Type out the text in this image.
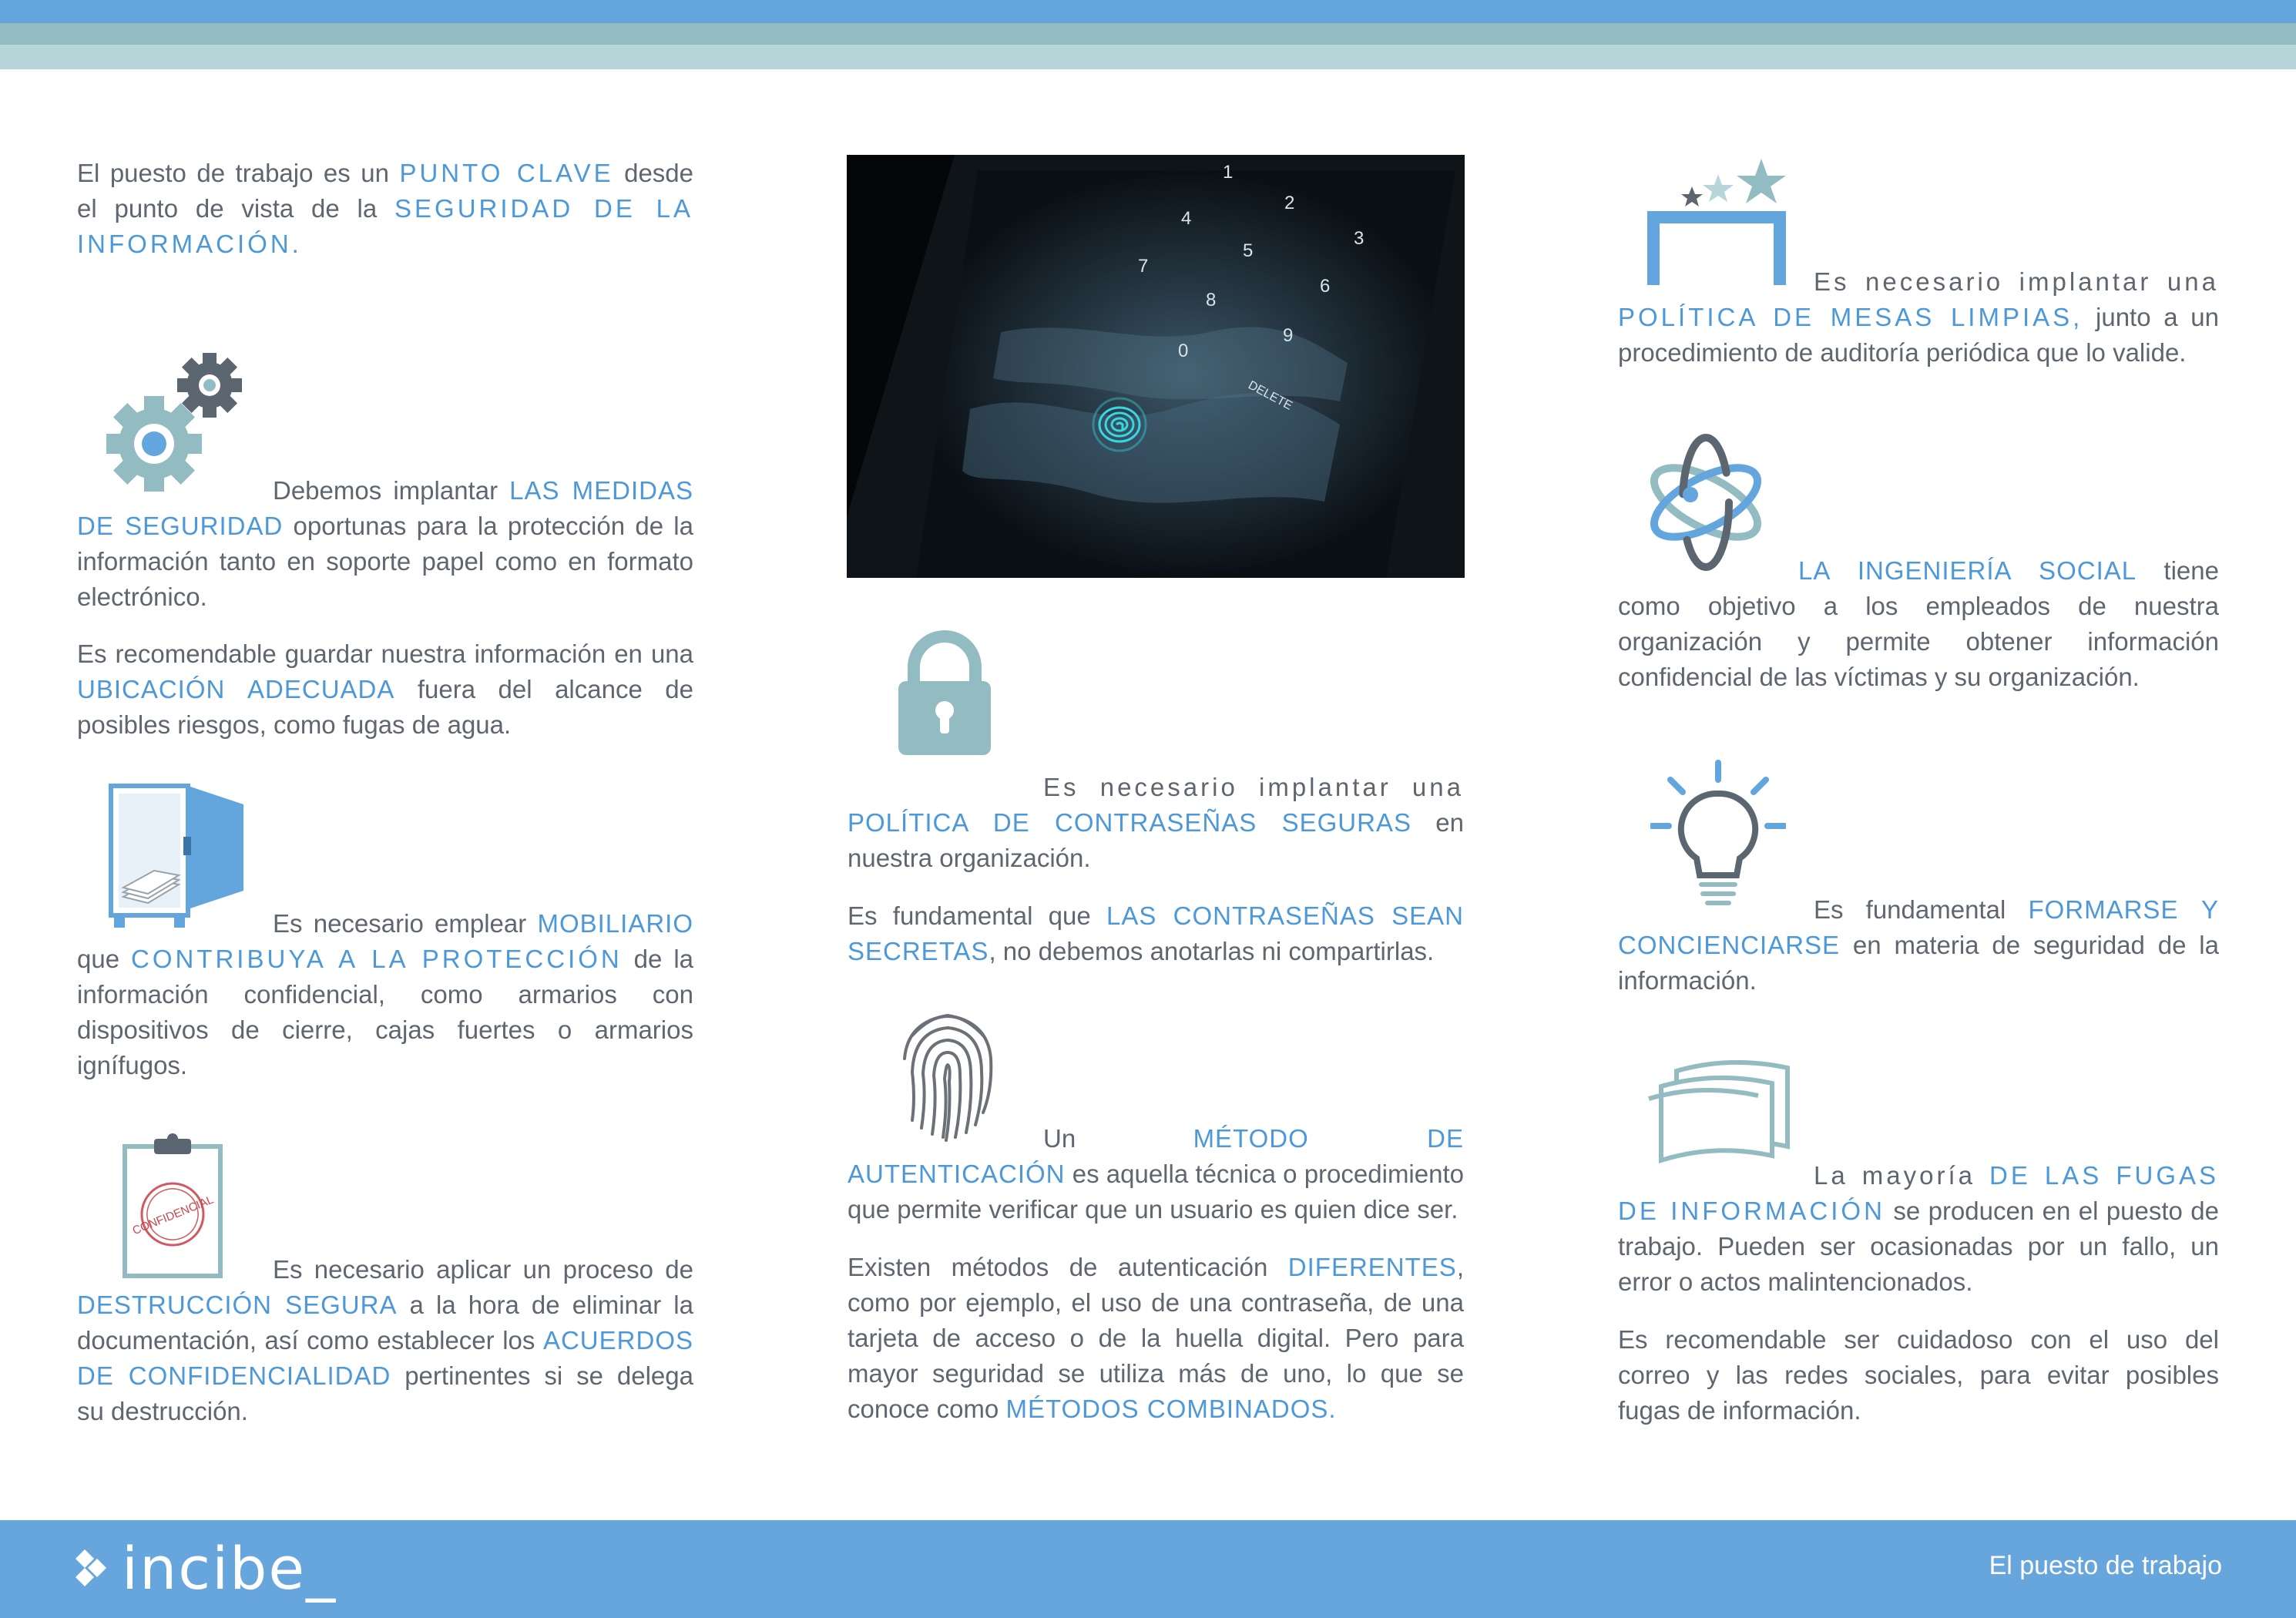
El puesto de trabajo es un PUNTO CLAVE desde el punto de vista de la SEGURIDAD DE LA INFORMACIÓN.

Debemos implantar LAS MEDIDAS DE SEGURIDAD oportunas para la protección de la información tanto en soporte papel como en formato electrónico.

Es recomendable guardar nuestra información en una UBICACIÓN ADECUADA fuera del alcance de posibles riesgos, como fugas de agua.

Es necesario emplear MOBILIARIO que CONTRIBUYA A LA PROTECCIÓN de la información confidencial, como armarios con dispositivos de cierre, cajas fuertes o armarios ignífugos.

CONFIDENCIAL

Es necesario aplicar un proceso de DESTRUCCIÓN SEGURA a la hora de eliminar la documentación, así como establecer los ACUERDOS DE CONFIDENCIALIDAD pertinentes si se delega su destrucción.

1
2
3
4
5
6
7
8
9
0
DELETE

Es necesario implantar una POLÍTICA DE CONTRASEÑAS SEGURAS en nuestra organización.

Es fundamental que LAS CONTRASEÑAS SEAN SECRETAS, no debemos anotarlas ni compartirlas.

Un MÉTODO DE AUTENTICACIÓN es aquella técnica o procedimiento que permite verificar que un usuario es quien dice ser.

Existen métodos de autenticación DIFERENTES, como por ejemplo, el uso de una contraseña, de una tarjeta de acceso o de la huella digital. Pero para mayor seguridad se utiliza más de uno, lo que se conoce como MÉTODOS COMBINADOS.

Es necesario implantar una POLÍTICA DE MESAS LIMPIAS, junto a un procedimiento de auditoría periódica que lo valide.

LA INGENIERÍA SOCIAL tiene como objetivo a los empleados de nuestra organización y permite obtener información confidencial de las víctimas y su organización.

Es fundamental FORMARSE Y CONCIENCIARSE en materia de seguridad de la información.

La mayoría DE LAS FUGAS DE INFORMACIÓN se producen en el puesto de trabajo. Pueden ser ocasionadas por un fallo, un error o actos malintencionados.

Es recomendable ser cuidadoso con el uso del correo y las redes sociales, para evitar posibles fugas de información.

incibe_	El puesto de trabajo
